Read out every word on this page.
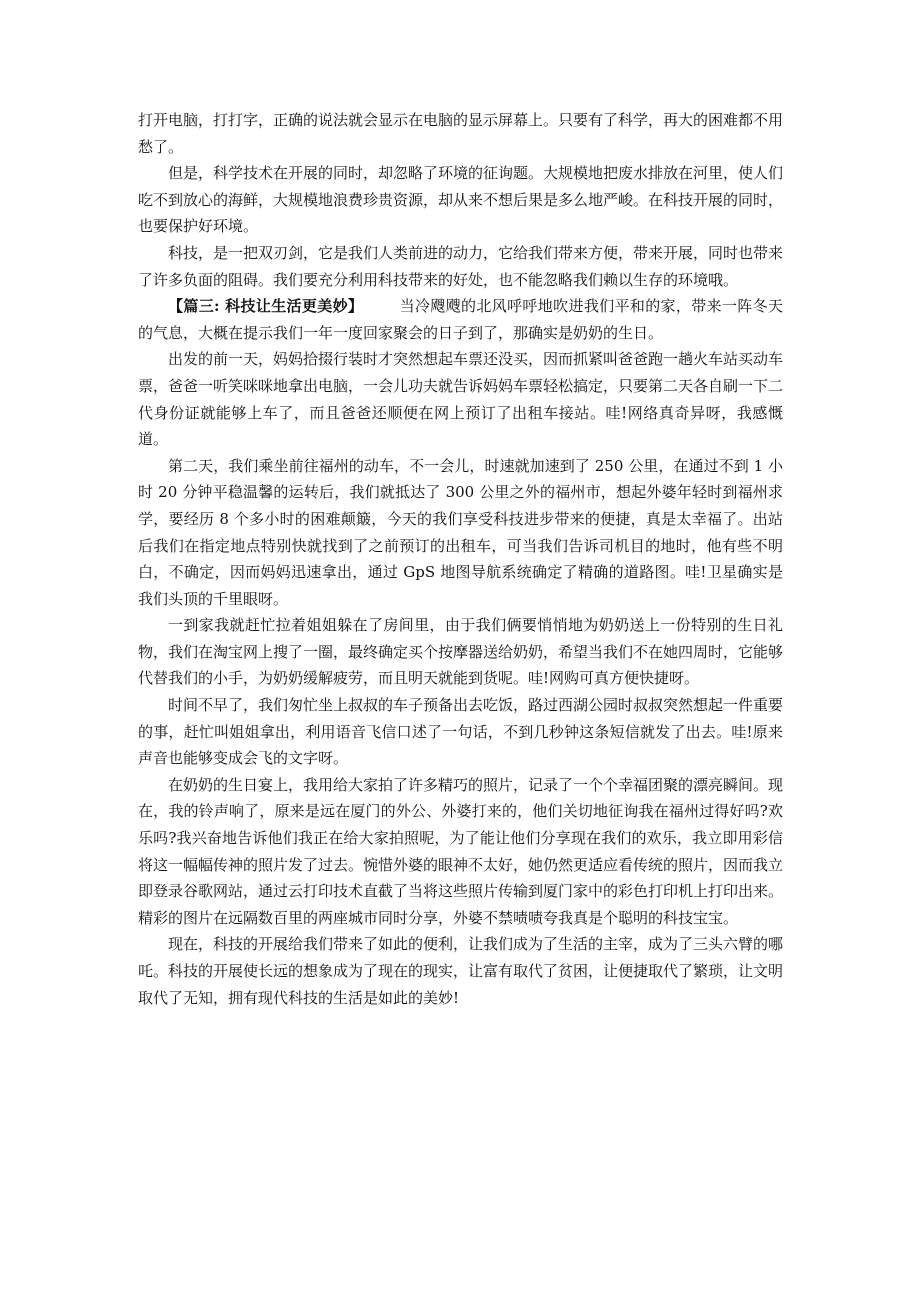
打开电脑，打打字，正确的说法就会显示在电脑的显示屏幕上。只要有了科学，再大的困难都不用愁了。

但是，科学技术在开展的同时，却忽略了环境的征询题。大规模地把废水排放在河里，使人们吃不到放心的海鲜，大规模地浪费珍贵资源，却从来不想后果是多么地严峻。在科技开展的同时，也要保护好环境。

科技，是一把双刃剑，它是我们人类前进的动力，它给我们带来方便，带来开展，同时也带来了许多负面的阻碍。我们要充分利用科技带来的好处，也不能忽略我们赖以生存的环境哦。

【篇三: 科技让生活更美妙】 当冷飕飕的北风呼呼地吹进我们平和的家，带来一阵冬天的气息，大概在提示我们一年一度回家聚会的日子到了，那确实是奶奶的生日。

出发的前一天，妈妈拾掇行装时才突然想起车票还没买，因而抓紧叫爸爸跑一趟火车站买动车票，爸爸一听笑咪咪地拿出电脑，一会儿功夫就告诉妈妈车票轻松搞定，只要第二天各自刷一下二代身份证就能够上车了，而且爸爸还顺便在网上预订了出租车接站。哇!网络真奇异呀，我感慨道。

第二天，我们乘坐前往福州的动车，不一会儿，时速就加速到了 250 公里，在通过不到 1 小时 20 分钟平稳温馨的运转后，我们就抵达了 300 公里之外的福州市，想起外婆年轻时到福州求学，要经历 8 个多小时的困难颠簸，今天的我们享受科技进步带来的便捷，真是太幸福了。出站后我们在指定地点特别快就找到了之前预订的出租车，可当我们告诉司机目的地时，他有些不明白，不确定，因而妈妈迅速拿出，通过 GpS 地图导航系统确定了精确的道路图。哇!卫星确实是我们头顶的千里眼呀。

一到家我就赶忙拉着姐姐躲在了房间里，由于我们俩要悄悄地为奶奶送上一份特别的生日礼物，我们在淘宝网上搜了一圈，最终确定买个按摩器送给奶奶，希望当我们不在她四周时，它能够代替我们的小手，为奶奶缓解疲劳，而且明天就能到货呢。哇!网购可真方便快捷呀。

时间不早了，我们匆忙坐上叔叔的车子预备出去吃饭，路过西湖公园时叔叔突然想起一件重要的事，赶忙叫姐姐拿出，利用语音飞信口述了一句话，不到几秒钟这条短信就发了出去。哇!原来声音也能够变成会飞的文字呀。

在奶奶的生日宴上，我用给大家拍了许多精巧的照片，记录了一个个幸福团聚的漂亮瞬间。现在，我的铃声响了，原来是远在厦门的外公、外婆打来的，他们关切地征询我在福州过得好吗?欢乐吗?我兴奋地告诉他们我正在给大家拍照呢，为了能让他们分享现在我们的欢乐，我立即用彩信将这一幅幅传神的照片发了过去。惋惜外婆的眼神不太好，她仍然更适应看传统的照片，因而我立即登录谷歌网站，通过云打印技术直截了当将这些照片传输到厦门家中的彩色打印机上打印出来。精彩的图片在远隔数百里的两座城市同时分享，外婆不禁啧啧夸我真是个聪明的科技宝宝。

现在，科技的开展给我们带来了如此的便利，让我们成为了生活的主宰，成为了三头六臂的哪吒。科技的开展使长远的想象成为了现在的现实，让富有取代了贫困，让便捷取代了繁琐，让文明取代了无知，拥有现代科技的生活是如此的美妙!
